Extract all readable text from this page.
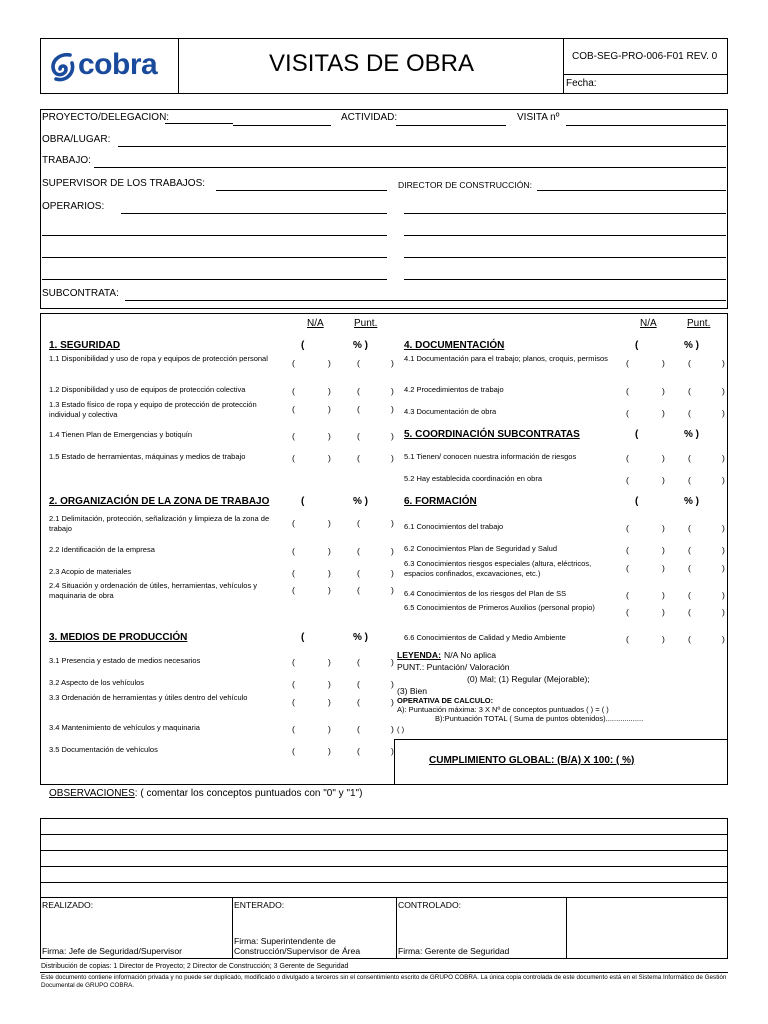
cobra	VISITAS DE OBRA	COB-SEG-PRO-006-F01 REV. 0
Fecha:
PROYECTO/DELEGACION:	ACTIVIDAD:	VISITA nº
OBRA/LUGAR:
TRABAJO:
SUPERVISOR DE LOS TRABAJOS:	DIRECTOR DE CONSTRUCCIÓN:
OPERARIOS:
SUBCONTRATA:
N/A	Punt.	N/A	Punt.
1. SEGURIDAD	(	% )
1.1 Disponibilidad y uso de ropa y equipos de protección personal	(	)	(	)
1.2 Disponibilidad y uso de equipos de protección colectiva	(	)	(	)
1.3 Estado físico de ropa y equipo de protección de protección individual y colectiva
(	)	(	)
1.4 Tienen Plan de Emergencias y botiquín	(	)	(	)
1.5 Estado de herramientas, máquinas y medios de trabajo	(	)	(	)
2. ORGANIZACIÓN DE LA ZONA DE TRABAJO	(	% )
2.1 Delimitación, protección, señalización y limpieza de la zona de trabajo
(	)	(	)
2.2 Identificación de la empresa	(	)	(	)
2.3 Acopio de materiales	(	)	(	)
2.4 Situación y ordenación de útiles, herramientas, vehículos y maquinaria de obra
(	)	(	)
3. MEDIOS DE PRODUCCIÓN	(	% )
3.1 Presencia y estado de medios necesarios	(	)	(	)
3.2 Aspecto de los vehículos	(	)	(	)
3.3 Ordenación de herramientas y útiles dentro del vehículo	(	)	(	)
3.4 Mantenimiento de vehículos y maquinaria	(	)	(	)
3.5 Documentación de vehículos	(	)	(	)
4. DOCUMENTACIÓN	(	% )
4.1 Documentación para el trabajo; planos, croquis, permisos	(	)	(	)
4.2 Procedimientos de trabajo	(	)	(	)
4.3 Documentación de obra	(	)	(	)
5. COORDINACIÓN SUBCONTRATAS	(	% )
5.1 Tienen/ conocen nuestra información de riesgos	(	)	(	)
5.2 Hay establecida coordinación en obra	(	)	(	)
6. FORMACIÓN	(	% )
6.1 Conocimientos del trabajo	(	)	(	)
6.2 Conocimientos Plan de Seguridad y Salud	(	)	(	)
6.3 Conocimientos riesgos especiales (altura, eléctricos, espacios confinados, excavaciones, etc.)
(	)	(	)
6.4 Conocimientos de los riesgos del Plan de SS	(	)	(	)
6.5 Conocimientos de Primeros Auxilios (personal propio)	(	)	(	)
6.6 Conocimientos de Calidad y Medio Ambiente	(	)	(	)
LEYENDA: N/A No aplica
PUNT.: Puntación/ Valoración
(0) Mal; (1) Regular (Mejorable);
(3) Bien
OPERATIVA DE CALCULO:
A): Puntuación máxima: 3 X Nº de conceptos puntuados ( ) = ( )
B):Puntuación TOTAL ( Suma de puntos obtenidos)..................
( )
CUMPLIMIENTO GLOBAL: (B/A) X 100: ( %)
OBSERVACIONES: ( comentar los conceptos puntuados con "0" y "1")
REALIZADO:	ENTERADO:	CONTROLADO:
Firma: Jefe de Seguridad/Supervisor
Firma: Superintendente de Construcción/Supervisor de Área	Firma: Gerente de Seguridad
Distribución de copias: 1 Director de Proyecto; 2 Director de Construcción; 3 Gerente de Seguridad
Este documento contiene información privada y no puede ser duplicado, modificado o divulgado a terceros sin el consentimiento escrito de GRUPO COBRA. La única copia controlada de este documento está en el Sistema Informático de Gestión Documental de GRUPO COBRA.
